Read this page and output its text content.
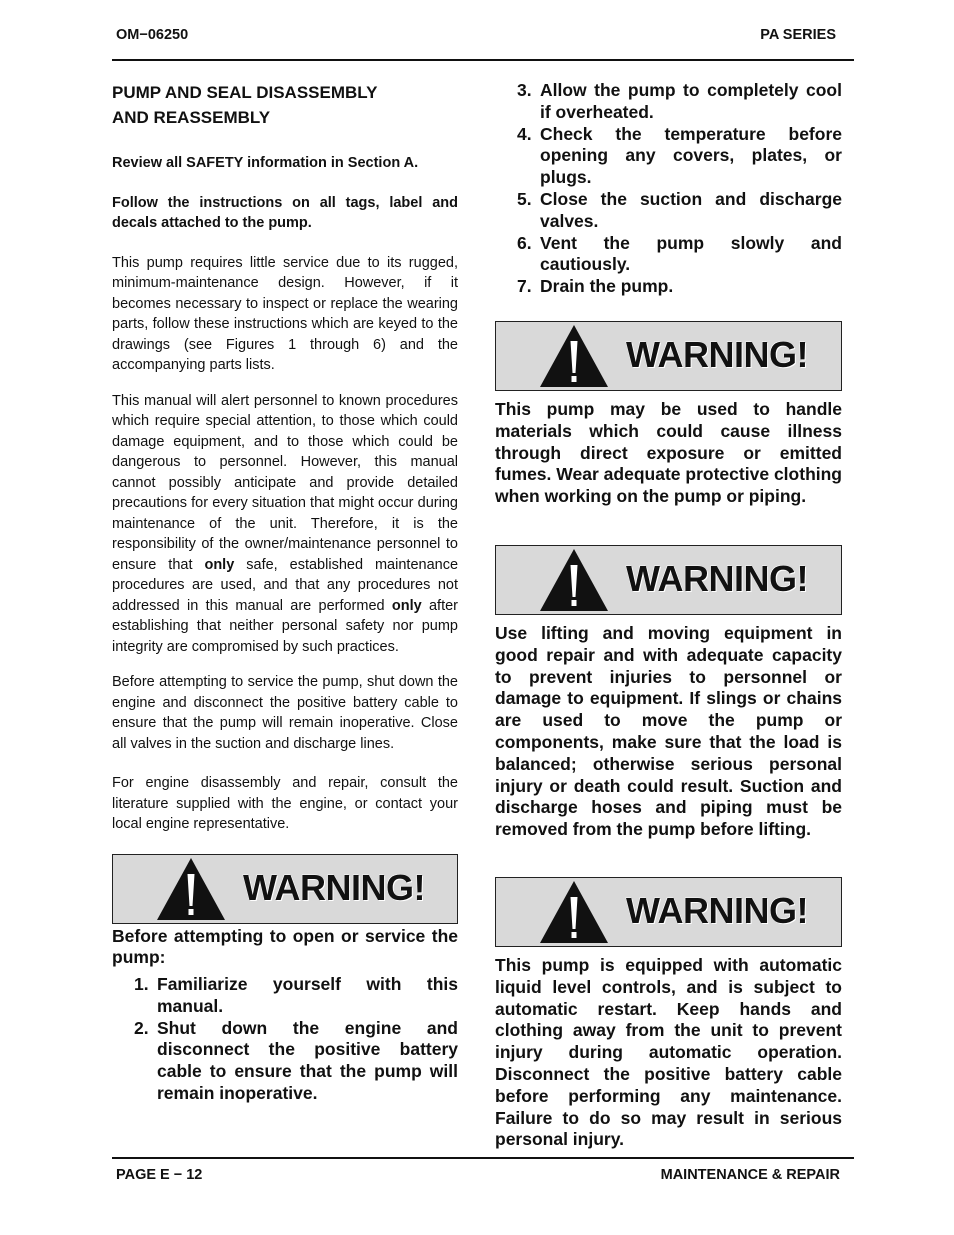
OM−06250	PA SERIES
PUMP AND SEAL DISASSEMBLY
AND REASSEMBLY

Review all SAFETY information in Section A.

Follow the instructions on all tags, label and decals attached to the pump.

This pump requires little service due to its rugged, minimum-maintenance design. However, if it becomes necessary to inspect or replace the wearing parts, follow these instructions which are keyed to the drawings (see Figures 1 through 6) and the accompanying parts lists.

This manual will alert personnel to known procedures which require special attention, to those which could damage equipment, and to those which could be dangerous to personnel. However, this manual cannot possibly anticipate and provide detailed precautions for every situation that might occur during maintenance of the unit. Therefore, it is the responsibility of the owner/maintenance personnel to ensure that only safe, established maintenance procedures are used, and that any procedures not addressed in this manual are performed only after establishing that neither personal safety nor pump integrity are compromised by such practices.

Before attempting to service the pump, shut down the engine and disconnect the positive battery cable to ensure that the pump will remain inoperative. Close all valves in the suction and discharge lines.

For engine disassembly and repair, consult the literature supplied with the engine, or contact your local engine representative.

WARNING!

Before attempting to open or service the pump:

1. Familiarize yourself with this manual.
2. Shut down the engine and disconnect the positive battery cable to ensure that the pump will remain inoperative.
3. Allow the pump to completely cool if overheated.
4. Check the temperature before opening any covers, plates, or plugs.
5. Close the suction and discharge valves.
6. Vent the pump slowly and cautiously.
7. Drain the pump.
WARNING!

This pump may be used to handle materials which could cause illness through direct exposure or emitted fumes. Wear adequate protective clothing when working on the pump or piping.

WARNING!

Use lifting and moving equipment in good repair and with adequate capacity to prevent injuries to personnel or damage to equipment. If slings or chains are used to move the pump or components, make sure that the load is balanced; otherwise serious personal injury or death could result. Suction and discharge hoses and piping must be removed from the pump before lifting.

WARNING!

This pump is equipped with automatic liquid level controls, and is subject to automatic restart. Keep hands and clothing away from the unit to prevent injury during automatic operation. Disconnect the positive battery cable before performing any maintenance. Failure to do so may result in serious personal injury.

PAGE E − 12	MAINTENANCE & REPAIR
